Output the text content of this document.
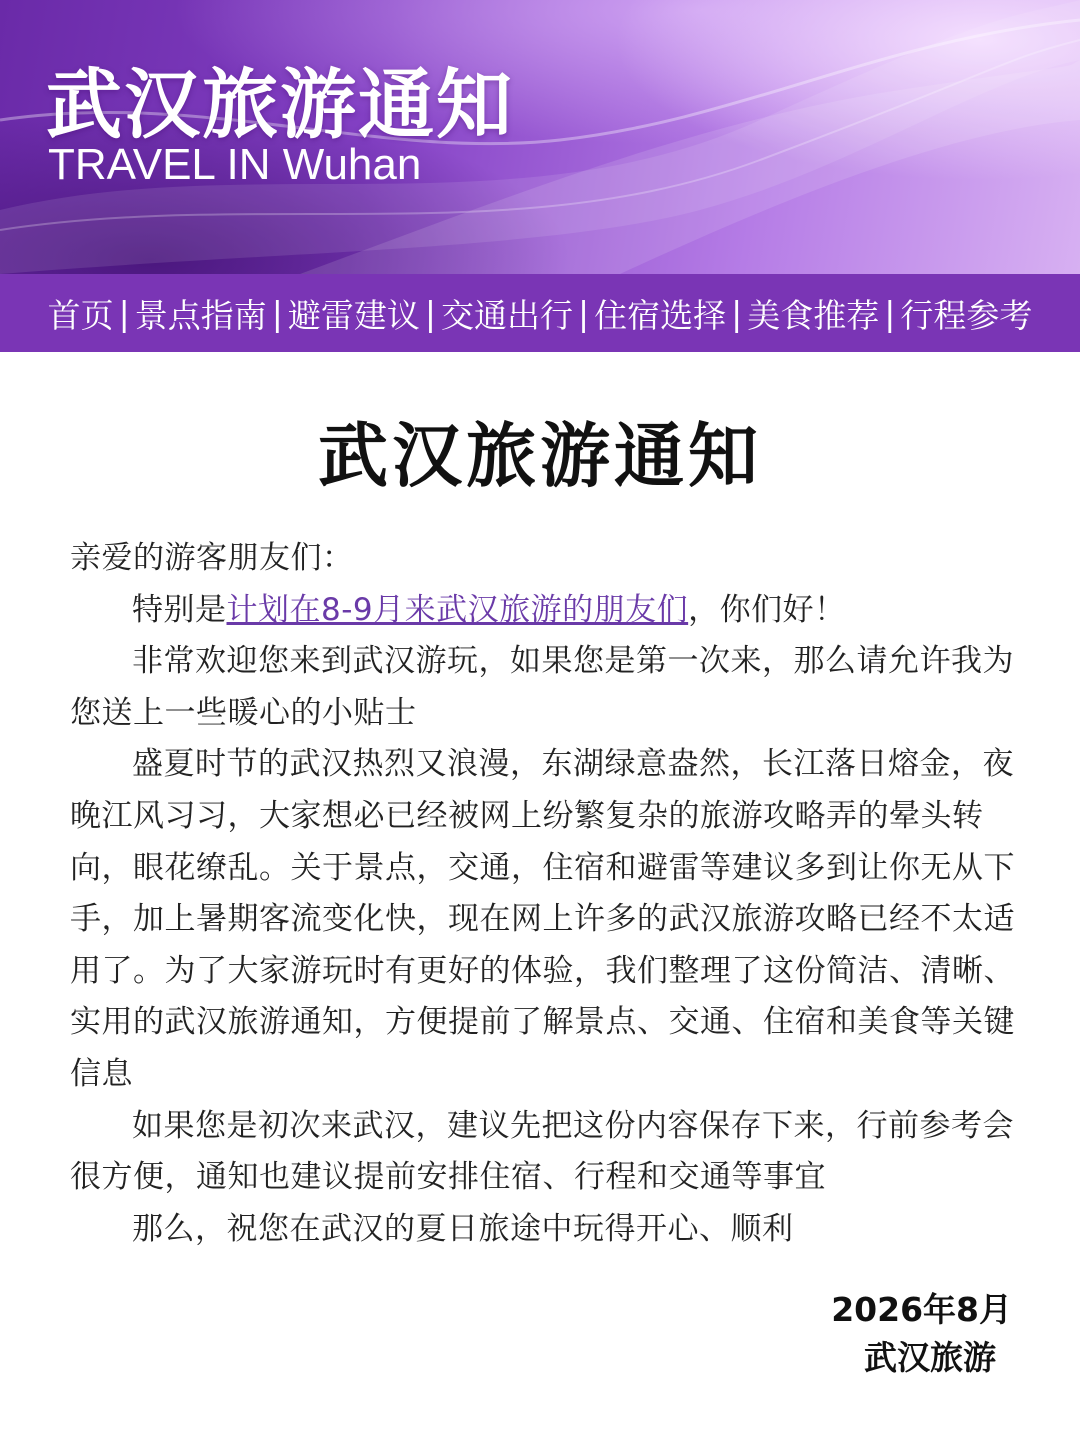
武汉旅游通知

TRAVEL IN Wuhan

首页 | 景点指南 | 避雷建议 | 交通出行 | 住宿选择 | 美食推荐 | 行程参考
武汉旅游通知

亲爱的游客朋友们：

特别是计划在8-9月来武汉旅游的朋友们，你们好！

非常欢迎您来到武汉游玩，如果您是第一次来，那么请允许我为您送上一些暖心的小贴士

盛夏时节的武汉热烈又浪漫，东湖绿意盎然，长江落日熔金，夜晚江风习习，大家想必已经被网上纷繁复杂的旅游攻略弄的晕头转向，眼花缭乱。关于景点，交通，住宿和避雷等建议多到让你无从下手，加上暑期客流变化快，现在网上许多的武汉旅游攻略已经不太适用了。为了大家游玩时有更好的体验，我们整理了这份简洁、清晰、实用的武汉旅游通知，方便提前了解景点、交通、住宿和美食等关键信息

如果您是初次来武汉，建议先把这份内容保存下来，行前参考会很方便，通知也建议提前安排住宿、行程和交通等事宜

那么，祝您在武汉的夏日旅途中玩得开心、顺利

2026年8月
武汉旅游
